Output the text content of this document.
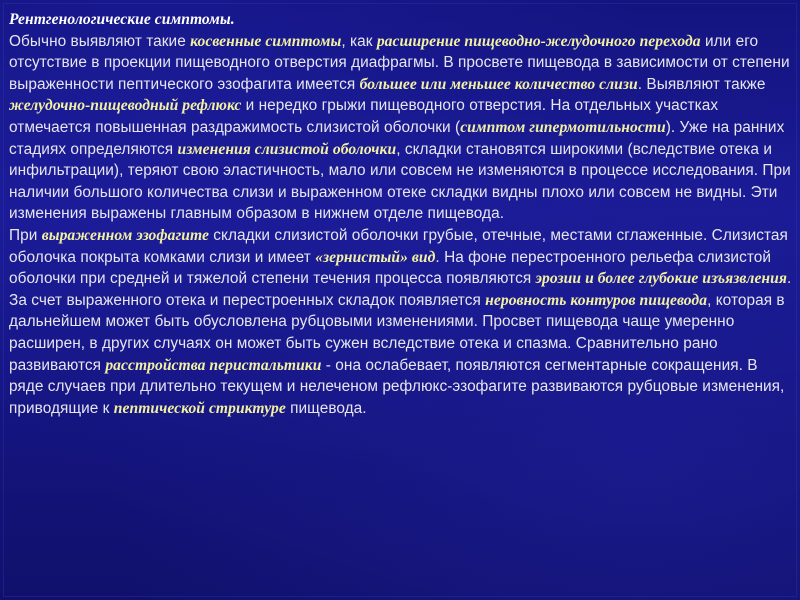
Рентгенологические симптомы.

Обычно выявляют такие косвенные симптомы, как расширение пищеводно-желудочного перехода или его отсутствие в проекции пищеводного отверстия диафрагмы. В просвете пищевода в зависимости от степени выраженности пептического эзофагита имеется большее или меньшее количество слизи. Выявляют также желудочно-пищеводный рефлюкс и нередко грыжи пищеводного отверстия. На отдельных участках отмечается повышенная раздражимость слизистой оболочки (симптом гипермотильности). Уже на ранних стадиях определяются изменения слизистой оболочки, складки становятся широкими (вследствие отека и инфильтрации), теряют свою эластичность, мало или совсем не изменяются в процессе исследования. При наличии большого количества слизи и выраженном отеке складки видны плохо или совсем не видны. Эти изменения выражены главным образом в нижнем отделе пищевода.

При выраженном эзофагите складки слизистой оболочки грубые, отечные, местами сглаженные. Слизистая оболочка покрыта комками слизи и имеет «зернистый» вид. На фоне перестроенного рельефа слизистой оболочки при средней и тяжелой степени течения процесса появляются эрозии и более глубокие изъязвления. За счет выраженного отека и перестроенных складок появляется неровность контуров пищевода, которая в дальнейшем может быть обусловлена рубцовыми изменениями. Просвет пищевода чаще умеренно расширен, в других случаях он может быть сужен вследствие отека и спазма. Сравнительно рано развиваются расстройства перистальтики - она ослабевает, появляются сегментарные сокращения. В ряде случаев при длительно текущем и нелеченом рефлюкс-эзофагите развиваются рубцовые изменения, приводящие к пептической стриктуре пищевода.
